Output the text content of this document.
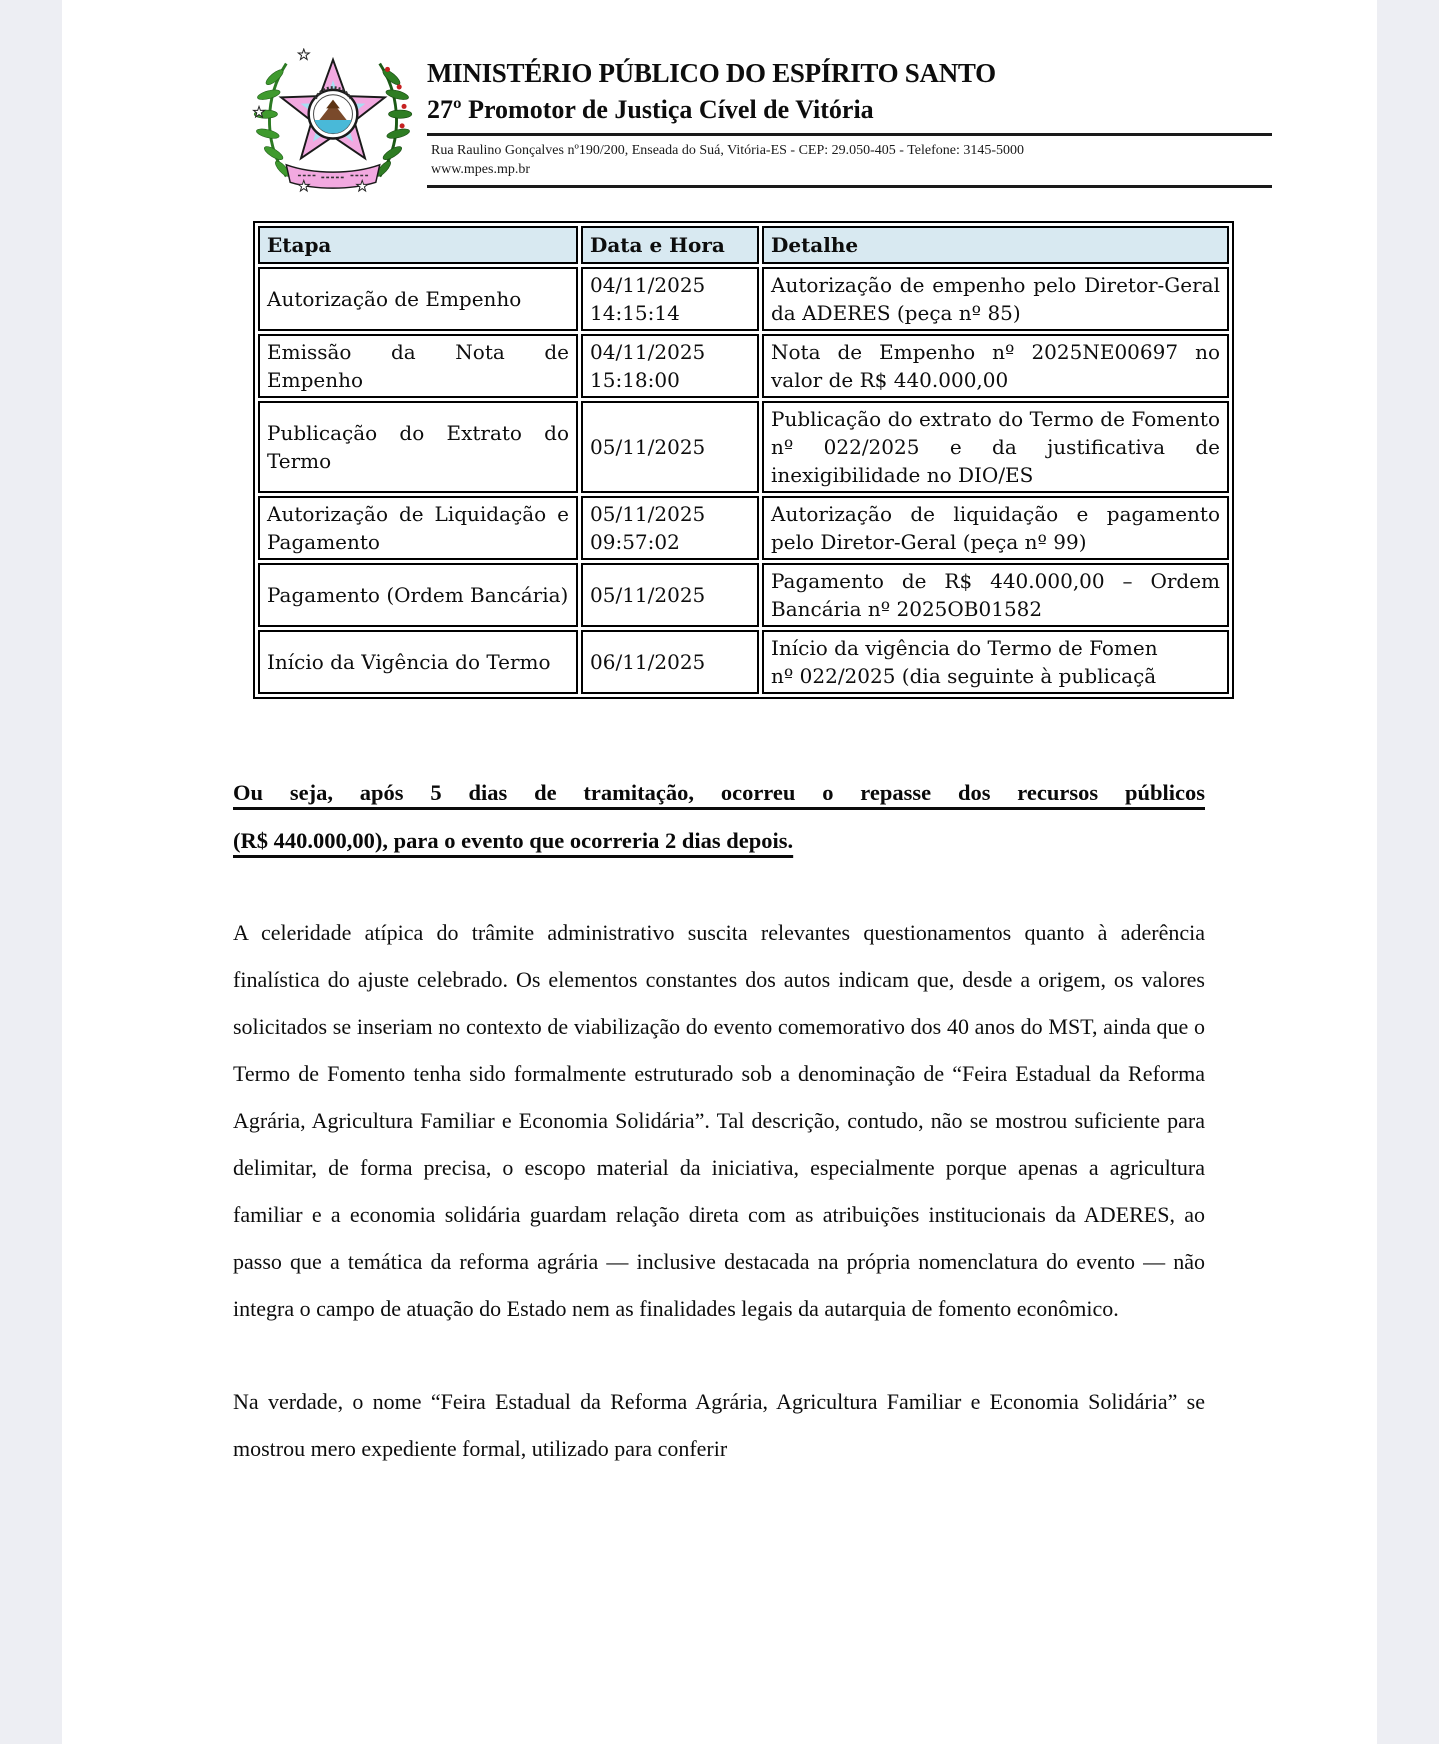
MINISTÉRIO PÚBLICO DO ESPÍRITO SANTO
27º Promotor de Justiça Cível de Vitória
Rua Raulino Gonçalves nº190/200, Enseada do Suá, Vitória-ES - CEP: 29.050-405 - Telefone: 3145-5000
www.mpes.mp.br
Etapa	Data e Hora	Detalhe
Autorização de Empenho	04/11/2025 14:15:14	Autorização de empenho pelo Diretor-Geral da ADERES (peça nº 85)
Emissão da Nota de Empenho	04/11/2025 15:18:00	Nota de Empenho nº 2025NE00697 no valor de R$ 440.000,00
Publicação do Extrato do Termo	05/11/2025	Publicação do extrato do Termo de Fomento nº 022/2025 e da justificativa de inexigibilidade no DIO/ES
Autorização de Liquidação e Pagamento	05/11/2025 09:57:02	Autorização de liquidação e pagamento pelo Diretor-Geral (peça nº 99)
Pagamento (Ordem Bancária)	05/11/2025	Pagamento de R$ 440.000,00 – Ordem Bancária nº 2025OB01582
Início da Vigência do Termo	06/11/2025	Início da vigência do Termo de Fomen
nº 022/2025 (dia seguinte à publicaçã
Ou seja, após 5 dias de tramitação, ocorreu o repasse dos recursos públicos
(R$ 440.000,00), para o evento que ocorreria 2 dias depois.

A celeridade atípica do trâmite administrativo suscita relevantes questionamentos quanto à aderência finalística do ajuste celebrado. Os elementos constantes dos autos indicam que, desde a origem, os valores solicitados se inseriam no contexto de viabilização do evento comemorativo dos 40 anos do MST, ainda que o Termo de Fomento tenha sido formalmente estruturado sob a denominação de “Feira Estadual da Reforma Agrária, Agricultura Familiar e Economia Solidária”. Tal descrição, contudo, não se mostrou suficiente para delimitar, de forma precisa, o escopo material da iniciativa, especialmente porque apenas a agricultura familiar e a economia solidária guardam relação direta com as atribuições institucionais da ADERES, ao passo que a temática da reforma agrária — inclusive destacada na própria nomenclatura do evento — não integra o campo de atuação do Estado nem as finalidades legais da autarquia de fomento econômico.

Na verdade, o nome “Feira Estadual da Reforma Agrária, Agricultura Familiar e Economia Solidária” se mostrou mero expediente formal, utilizado para conferir
